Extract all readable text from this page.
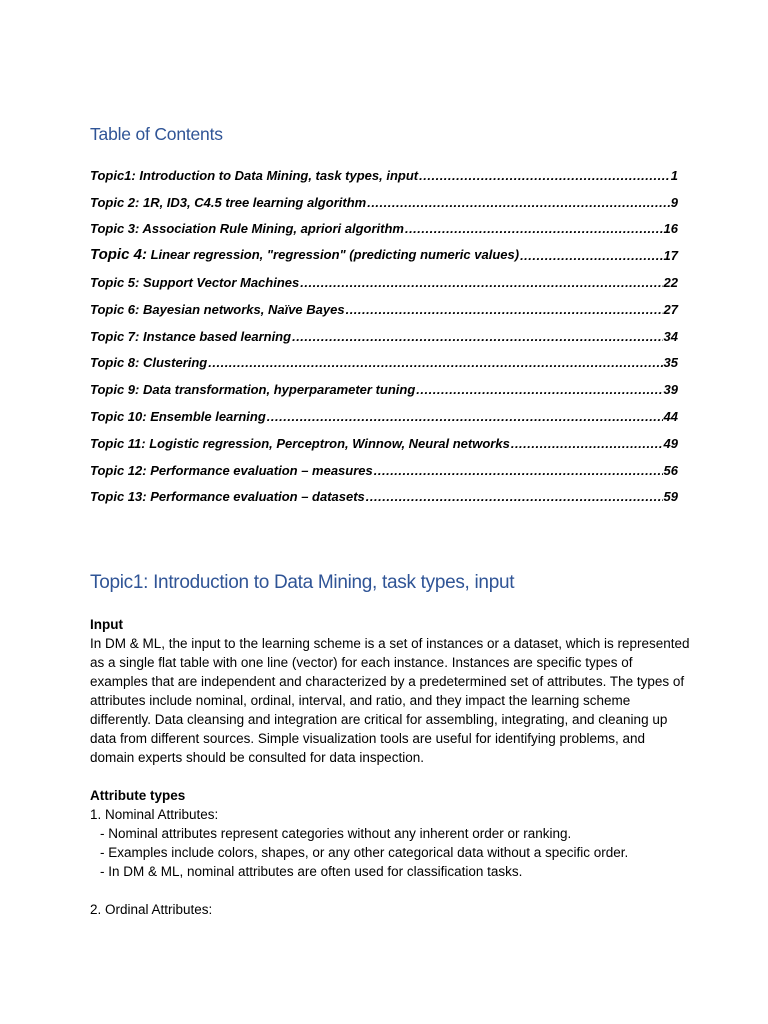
Table of Contents
Topic1: Introduction to Data Mining, task types, input .....	1
Topic 2: 1R, ID3, C4.5 tree learning algorithm .....	9
Topic 3: Association Rule Mining, apriori algorithm .....	16
Topic 4: Linear regression, "regression" (predicting numeric values) .....	17
Topic 5: Support Vector Machines .....	22
Topic 6: Bayesian networks, Naïve Bayes .....	27
Topic 7: Instance based learning .....	34
Topic 8: Clustering .....	35
Topic 9: Data transformation, hyperparameter tuning .....	39
Topic 10: Ensemble learning .....	44
Topic 11: Logistic regression, Perceptron, Winnow, Neural networks .....	49
Topic 12: Performance evaluation – measures .....	56
Topic 13: Performance evaluation – datasets .....	59
Topic1: Introduction to Data Mining, task types, input
Input
In DM & ML, the input to the learning scheme is a set of instances or a dataset, which is represented as a single flat table with one line (vector) for each instance. Instances are specific types of examples that are independent and characterized by a predetermined set of attributes. The types of attributes include nominal, ordinal, interval, and ratio, and they impact the learning scheme differently. Data cleansing and integration are critical for assembling, integrating, and cleaning up data from different sources. Simple visualization tools are useful for identifying problems, and domain experts should be consulted for data inspection.
Attribute types
1. Nominal Attributes:
- Nominal attributes represent categories without any inherent order or ranking.
- Examples include colors, shapes, or any other categorical data without a specific order.
- In DM & ML, nominal attributes are often used for classification tasks.

2. Ordinal Attributes:
